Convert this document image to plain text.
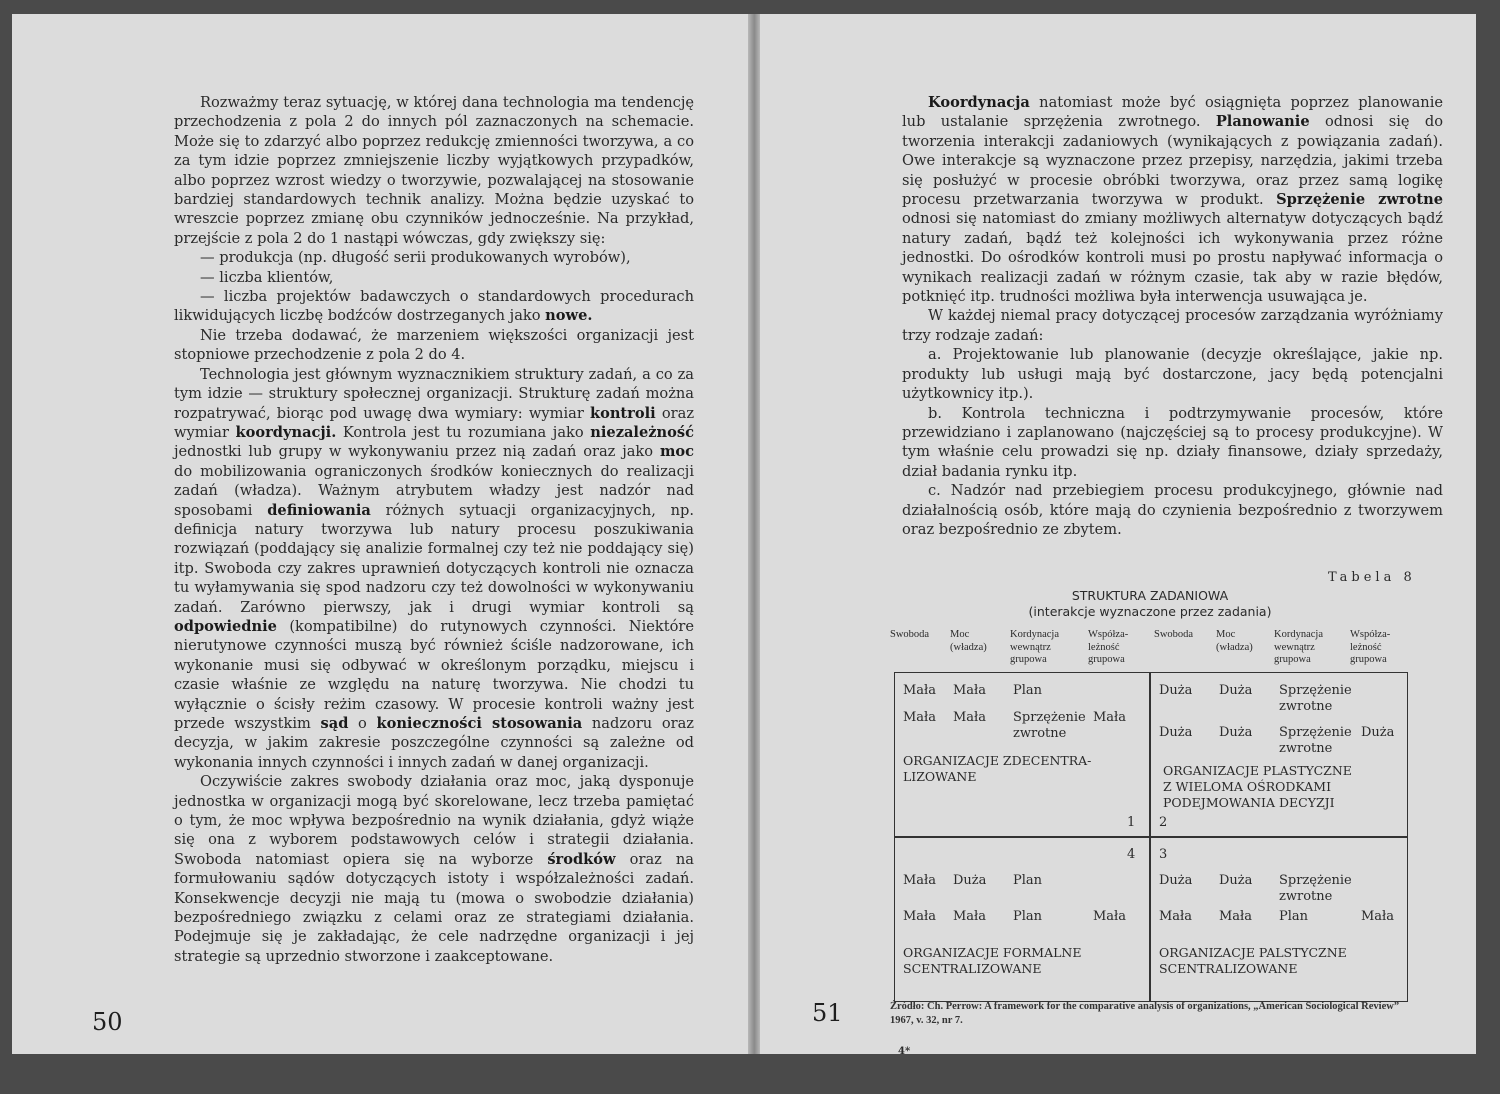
Rozważmy teraz sytuację, w której dana technologia ma tendencję przechodzenia z pola 2 do innych pól zaznaczonych na schemacie. Może się to zdarzyć albo poprzez redukcję zmienności tworzywa, a co za tym idzie poprzez zmniejszenie liczby wyjątkowych przypadków, albo poprzez wzrost wiedzy o tworzywie, pozwalającej na stosowanie bardziej standardowych technik analizy. Można będzie uzyskać to wreszcie poprzez zmianę obu czynników jednocześnie. Na przykład, przejście z pola 2 do 1 nastąpi wówczas, gdy zwiększy się:

— produkcja (np. długość serii produkowanych wyrobów),

— liczba klientów,

— liczba projektów badawczych o standardowych procedurach likwidujących liczbę bodźców dostrzeganych jako nowe.

Nie trzeba dodawać, że marzeniem większości organizacji jest stopniowe przechodzenie z pola 2 do 4.

Technologia jest głównym wyznacznikiem struktury zadań, a co za tym idzie — struktury społecznej organizacji. Strukturę zadań można rozpatrywać, biorąc pod uwagę dwa wymiary: wymiar kontroli oraz wymiar koordynacji. Kontrola jest tu rozumiana jako niezależność jednostki lub grupy w wykonywaniu przez nią zadań oraz jako moc do mobilizowania ograniczonych środków koniecznych do realizacji zadań (władza). Ważnym atrybutem władzy jest nadzór nad sposobami definiowania różnych sytuacji organizacyjnych, np. definicja natury tworzywa lub natury procesu poszukiwania rozwiązań (poddający się analizie formalnej czy też nie poddający się) itp. Swoboda czy zakres uprawnień dotyczących kontroli nie oznacza tu wyłamywania się spod nadzoru czy też dowolności w wykonywaniu zadań. Zarówno pierwszy, jak i drugi wymiar kontroli są odpowiednie (kompatibilne) do rutynowych czynności. Niektóre nierutynowe czynności muszą być również ściśle nadzorowane, ich wykonanie musi się odbywać w określonym porządku, miejscu i czasie właśnie ze względu na naturę tworzywa. Nie chodzi tu wyłącznie o ścisły reżim czasowy. W procesie kontroli ważny jest przede wszystkim sąd o konieczności stosowania nadzoru oraz decyzja, w jakim zakresie poszczególne czynności są zależne od wykonania innych czynności i innych zadań w danej organizacji.

Oczywiście zakres swobody działania oraz moc, jaką dysponuje jednostka w organizacji mogą być skorelowane, lecz trzeba pamiętać o tym, że moc wpływa bezpośrednio na wynik działania, gdyż wiąże się ona z wyborem podstawowych celów i strategii działania. Swoboda natomiast opiera się na wyborze środków oraz na formułowaniu sądów dotyczących istoty i współzależności zadań. Konsekwencje decyzji nie mają tu (mowa o swobodzie działania) bezpośredniego związku z celami oraz ze strategiami działania. Podejmuje się je zakładając, że cele nadrzędne organizacji i jej strategie są uprzednio stworzone i zaakceptowane.

50

Koordynacja natomiast może być osiągnięta poprzez planowanie lub ustalanie sprzężenia zwrotnego. Planowanie odnosi się do tworzenia interakcji zadaniowych (wynikających z powiązania zadań). Owe interakcje są wyznaczone przez przepisy, narzędzia, jakimi trzeba się posłużyć w procesie obróbki tworzywa, oraz przez samą logikę procesu przetwarzania tworzywa w produkt. Sprzężenie zwrotne odnosi się natomiast do zmiany możliwych alternatyw dotyczących bądź natury zadań, bądź też kolejności ich wykonywania przez różne jednostki. Do ośrodków kontroli musi po prostu napływać informacja o wynikach realizacji zadań w różnym czasie, tak aby w razie błędów, potknięć itp. trudności możliwa była interwencja usuwająca je.

W każdej niemal pracy dotyczącej procesów zarządzania wyróżniamy trzy rodzaje zadań:

a. Projektowanie lub planowanie (decyzje określające, jakie np. produkty lub usługi mają być dostarczone, jacy będą potencjalni użytkownicy itp.).

b. Kontrola techniczna i podtrzymywanie procesów, które przewidziano i zaplanowano (najczęściej są to procesy produkcyjne). W tym właśnie celu prowadzi się np. działy finansowe, działy sprzedaży, dział badania rynku itp.

c. Nadzór nad przebiegiem procesu produkcyjnego, głównie nad działalnością osób, które mają do czynienia bezpośrednio z tworzywem oraz bezpośrednio ze zbytem.

Tabela 8
STRUKTURA ZADANIOWA
(interakcje wyznaczone przez zadania)
Swoboda Moc
(władza)
Kordynacja
wewnątrz
grupowa
Współza-
leżność
grupowa
Swoboda Moc
(władza)
Kordynacja
wewnątrz
grupowa
Współza-
leżność
grupowa
Mała Mała Plan
Mała Mała Sprzężenie
zwrotne
Mała
ORGANIZACJE ZDECENTRA-
LIZOWANE
1
Duża Duża Sprzężenie
zwrotne
Duża Duża Sprzężenie
zwrotne
Duża
ORGANIZACJE PLASTYCZNE
Z WIELOMA OŚRODKAMI
PODEJMOWANIA DECYZJI
2
Mała Duża Plan
Mała Mała Plan	Mała
ORGANIZACJE FORMALNE
SCENTRALIZOWANE
4
Duża Duża Sprzężenie
zwrotne
Mała Mała Plan	Mała
ORGANIZACJE PALSTYCZNE
SCENTRALIZOWANE
3
Źródło: Ch. Perrow: A framework for the comparative analysis of organizations, „American Sociological Review” 1967, v. 32, nr 7.
4*
51
